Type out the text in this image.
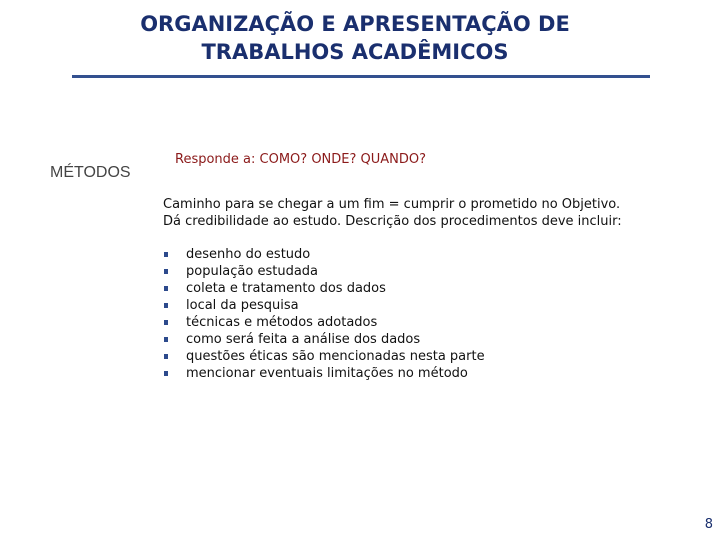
ORGANIZAÇÃO E APRESENTAÇÃO DE
TRABALHOS ACADÊMICOS
MÉTODOS
Responde a: COMO? ONDE? QUANDO?
Caminho para se chegar a um fim = cumprir o prometido no Objetivo.
Dá credibilidade ao estudo. Descrição dos procedimentos deve incluir:
desenho do estudo
população estudada
coleta e tratamento dos dados
local da pesquisa
técnicas e métodos adotados
como será feita a análise dos dados
questões éticas são mencionadas nesta parte
mencionar eventuais limitações no método
8
